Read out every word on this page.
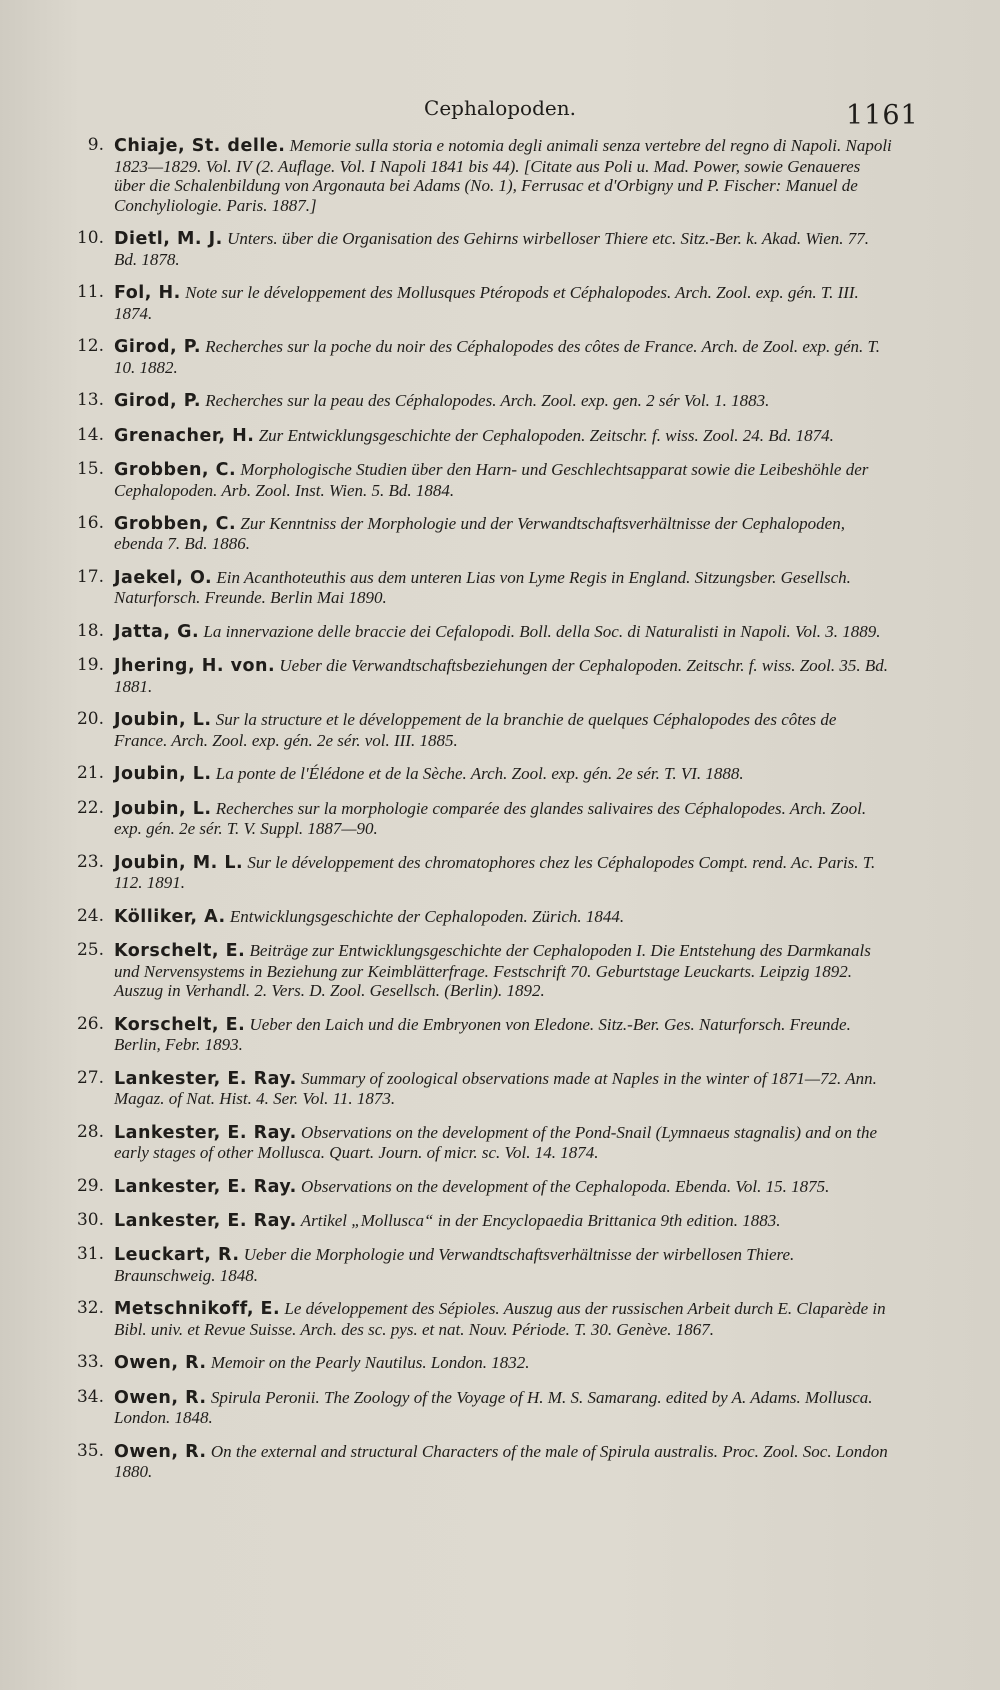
Cephalopoden.	1161
9. Chiaje, St. delle. Memorie sulla storia e notomia degli animali senza vertebre del regno di Napoli. Napoli 1823—1829. Vol. IV (2. Auflage. Vol. I Napoli 1841 bis 44). [Citate aus Poli u. Mad. Power, sowie Genaueres über die Schalenbildung von Argonauta bei Adams (No. 1), Ferrusac et d'Orbigny und P. Fischer: Manuel de Conchyliologie. Paris. 1887.]
10. Dietl, M. J. Unters. über die Organisation des Gehirns wirbelloser Thiere etc. Sitz.-Ber. k. Akad. Wien. 77. Bd. 1878.
11. Fol, H. Note sur le développement des Mollusques Ptéropods et Céphalopodes. Arch. Zool. exp. gén. T. III. 1874.
12. Girod, P. Recherches sur la poche du noir des Céphalopodes des côtes de France. Arch. de Zool. exp. gén. T. 10. 1882.
13. Girod, P. Recherches sur la peau des Céphalopodes. Arch. Zool. exp. gen. 2 sér Vol. 1. 1883.
14. Grenacher, H. Zur Entwicklungsgeschichte der Cephalopoden. Zeitschr. f. wiss. Zool. 24. Bd. 1874.
15. Grobben, C. Morphologische Studien über den Harn- und Geschlechtsapparat sowie die Leibeshöhle der Cephalopoden. Arb. Zool. Inst. Wien. 5. Bd. 1884.
16. Grobben, C. Zur Kenntniss der Morphologie und der Verwandtschaftsverhältnisse der Cephalopoden, ebenda 7. Bd. 1886.
17. Jaekel, O. Ein Acanthoteuthis aus dem unteren Lias von Lyme Regis in England. Sitzungsber. Gesellsch. Naturforsch. Freunde. Berlin Mai 1890.
18. Jatta, G. La innervazione delle braccie dei Cefalopodi. Boll. della Soc. di Naturalisti in Napoli. Vol. 3. 1889.
19. Jhering, H. von. Ueber die Verwandtschaftsbeziehungen der Cephalopoden. Zeitschr. f. wiss. Zool. 35. Bd. 1881.
20. Joubin, L. Sur la structure et le développement de la branchie de quelques Céphalopodes des côtes de France. Arch. Zool. exp. gén. 2e sér. vol. III. 1885.
21. Joubin, L. La ponte de l'Élédone et de la Sèche. Arch. Zool. exp. gén. 2e sér. T. VI. 1888.
22. Joubin, L. Recherches sur la morphologie comparée des glandes salivaires des Céphalopodes. Arch. Zool. exp. gén. 2e sér. T. V. Suppl. 1887—90.
23. Joubin, M. L. Sur le développement des chromatophores chez les Céphalopodes Compt. rend. Ac. Paris. T. 112. 1891.
24. Kölliker, A. Entwicklungsgeschichte der Cephalopoden. Zürich. 1844.
25. Korschelt, E. Beiträge zur Entwicklungsgeschichte der Cephalopoden I. Die Entstehung des Darmkanals und Nervensystems in Beziehung zur Keimblätterfrage. Festschrift 70. Geburtstage Leuckarts. Leipzig 1892. Auszug in Verhandl. 2. Vers. D. Zool. Gesellsch. (Berlin). 1892.
26. Korschelt, E. Ueber den Laich und die Embryonen von Eledone. Sitz.-Ber. Ges. Naturforsch. Freunde. Berlin, Febr. 1893.
27. Lankester, E. Ray. Summary of zoological observations made at Naples in the winter of 1871—72. Ann. Magaz. of Nat. Hist. 4. Ser. Vol. 11. 1873.
28. Lankester, E. Ray. Observations on the development of the Pond-Snail (Lymnaeus stagnalis) and on the early stages of other Mollusca. Quart. Journ. of micr. sc. Vol. 14. 1874.
29. Lankester, E. Ray. Observations on the development of the Cephalopoda. Ebenda. Vol. 15. 1875.
30. Lankester, E. Ray. Artikel „Mollusca“ in der Encyclopaedia Brittanica 9th edition. 1883.
31. Leuckart, R. Ueber die Morphologie und Verwandtschaftsverhältnisse der wirbellosen Thiere. Braunschweig. 1848.
32. Metschnikoff, E. Le développement des Sépioles. Auszug aus der russischen Arbeit durch E. Claparède in Bibl. univ. et Revue Suisse. Arch. des sc. pys. et nat. Nouv. Période. T. 30. Genève. 1867.
33. Owen, R. Memoir on the Pearly Nautilus. London. 1832.
34. Owen, R. Spirula Peronii. The Zoology of the Voyage of H. M. S. Samarang. edited by A. Adams. Mollusca. London. 1848.
35. Owen, R. On the external and structural Characters of the male of Spirula australis. Proc. Zool. Soc. London 1880.
